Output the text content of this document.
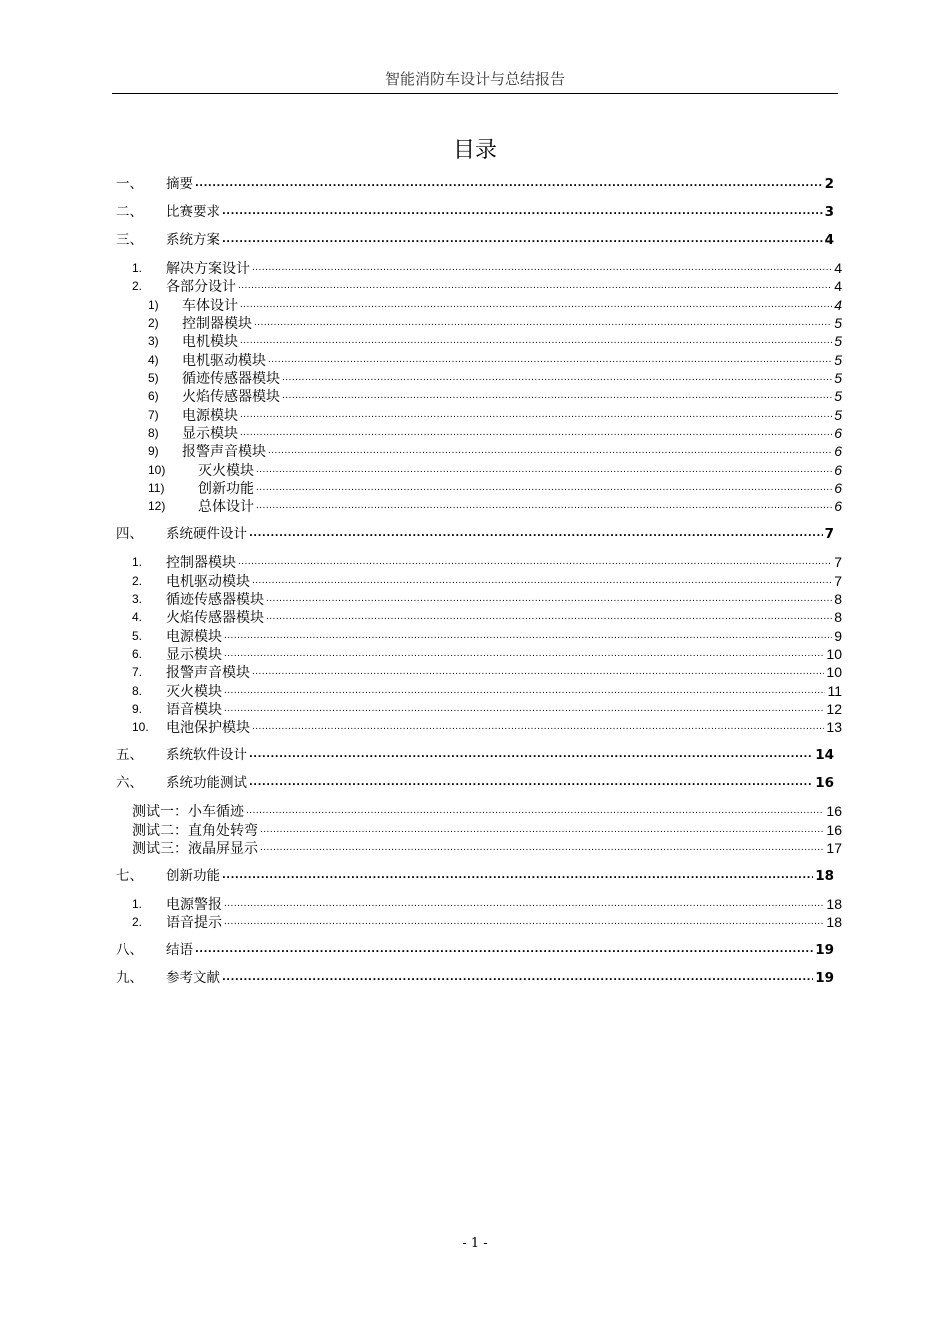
智能消防车设计与总结报告
目录
一、	摘要 .....	2
二、	比赛要求 .....	3
三、	系统方案 .....	4
1.	解决方案设计 .....	4
2.	各部分设计 .....	4
1)	车体设计 .....	4
2)	控制器模块 .....	5
3)	电机模块 .....	5
4)	电机驱动模块 .....	5
5)	循迹传感器模块 .....	5
6)	火焰传感器模块 .....	5
7)	电源模块 .....	5
8)	显示模块 .....	6
9)	报警声音模块 .....	6
10)	灭火模块 .....	6
11)	创新功能 .....	6
12)	总体设计 .....	6
四、	系统硬件设计 .....	7
1.	控制器模块 .....	7
2.	电机驱动模块 .....	7
3.	循迹传感器模块 .....	8
4.	火焰传感器模块 .....	8
5.	电源模块 .....	9
6.	显示模块 .....	10
7.	报警声音模块 .....	10
8.	灭火模块 .....	11
9.	语音模块 .....	12
10.	电池保护模块 .....	13
五、	系统软件设计 .....	14
六、	系统功能测试 .....	16
测试一：小车循迹 .....	16
测试二：直角处转弯 .....	16
测试三：液晶屏显示 .....	17
七、	创新功能 .....	18
1.	电源警报 .....	18
2.	语音提示 .....	18
八、	结语 .....	19
九、	参考文献 .....	19
- 1 -
